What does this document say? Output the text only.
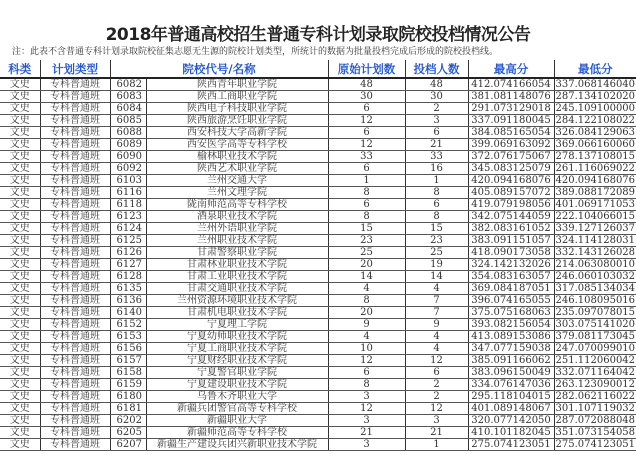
2018年普通高校招生普通专科计划录取院校投档情况公告
注：此表不含普通专科计划录取院校征集志愿无生源的院校计划类型，所统计的数据为批量投档完成后形成的院校投档线。
科类	计划类型	院校代号/名称		原始计划数	投档人数	最高分	最低分
文史	专科普通班	6082	陕西青年职业学院	48	48	412.074166054	337.068146040
文史	专科普通班	6083	陕西工商职业学院	30	30	381.081148076	287.134102020
文史	专科普通班	6084	陕西电子科技职业学院	6	2	291.073129018	245.109100000
文史	专科普通班	6085	陕西旅游烹饪职业学院	12	3	337.091180045	284.122108022
文史	专科普通班	6088	西安科技大学高新学院	6	6	384.085165054	326.084129063
文史	专科普通班	6089	西安医学高等专科学校	12	21	399.069163092	369.066160060
文史	专科普通班	6090	榆林职业技术学院	33	33	372.076175067	278.137108015
文史	专科普通班	6092	陕西艺术职业学院	6	16	345.083125079	261.116069022
文史	专科普通班	6103	兰州交通大学	1	1	420.094168076	420.094168076
文史	专科普通班	6116	兰州文理学院	8	8	405.089157072	389.088172089
文史	专科普通班	6118	陇南师范高等专科学校	6	6	419.079198056	401.069171053
文史	专科普通班	6123	酒泉职业技术学院	8	8	342.075144059	222.104066015
文史	专科普通班	6124	兰州外语职业学院	15	15	382.083161052	339.127126037
文史	专科普通班	6125	兰州职业技术学院	23	23	383.091151057	324.114128031
文史	专科普通班	6126	甘肃警察职业学院	25	25	418.090173058	332.143126028
文史	专科普通班	6127	甘肃林业职业技术学院	20	19	324.142132026	214.063080010
文史	专科普通班	6128	甘肃工业职业技术学院	14	14	354.083163057	246.060103032
文史	专科普通班	6135	甘肃交通职业技术学院	4	4	369.084187051	317.085134034
文史	专科普通班	6136	兰州资源环境职业技术学院	8	7	396.074165055	246.108095016
文史	专科普通班	6140	甘肃机电职业技术学院	20	7	375.075168063	235.097078015
文史	专科普通班	6152	宁夏理工学院	9	9	393.082156054	303.075141020
文史	专科普通班	6153	宁夏幼师职业技术学院	4	4	413.089153086	379.081173045
文史	专科普通班	6156	宁夏工商职业技术学院	10	4	347.077159038	247.070099010
文史	专科普通班	6157	宁夏财经职业技术学院	12	12	385.091166062	251.112060042
文史	专科普通班	6158	宁夏警官职业学院	6	6	383.096150049	332.071164042
文史	专科普通班	6159	宁夏建设职业技术学院	8	2	334.076147036	263.123090012
文史	专科普通班	6180	乌鲁木齐职业大学	3	2	295.118104015	282.062116022
文史	专科普通班	6181	新疆兵团警官高等专科学校	12	12	401.089148067	301.107119032
文史	专科普通班	6202	新疆职业大学	3	3	320.077142050	287.072088048
文史	专科普通班	6205	新疆师范高等专科学校	21	21	410.101182045	351.073154058
文史	专科普通班	6207	新疆生产建设兵团兴新职业技术学院	3	1	275.074123051	275.074123051
